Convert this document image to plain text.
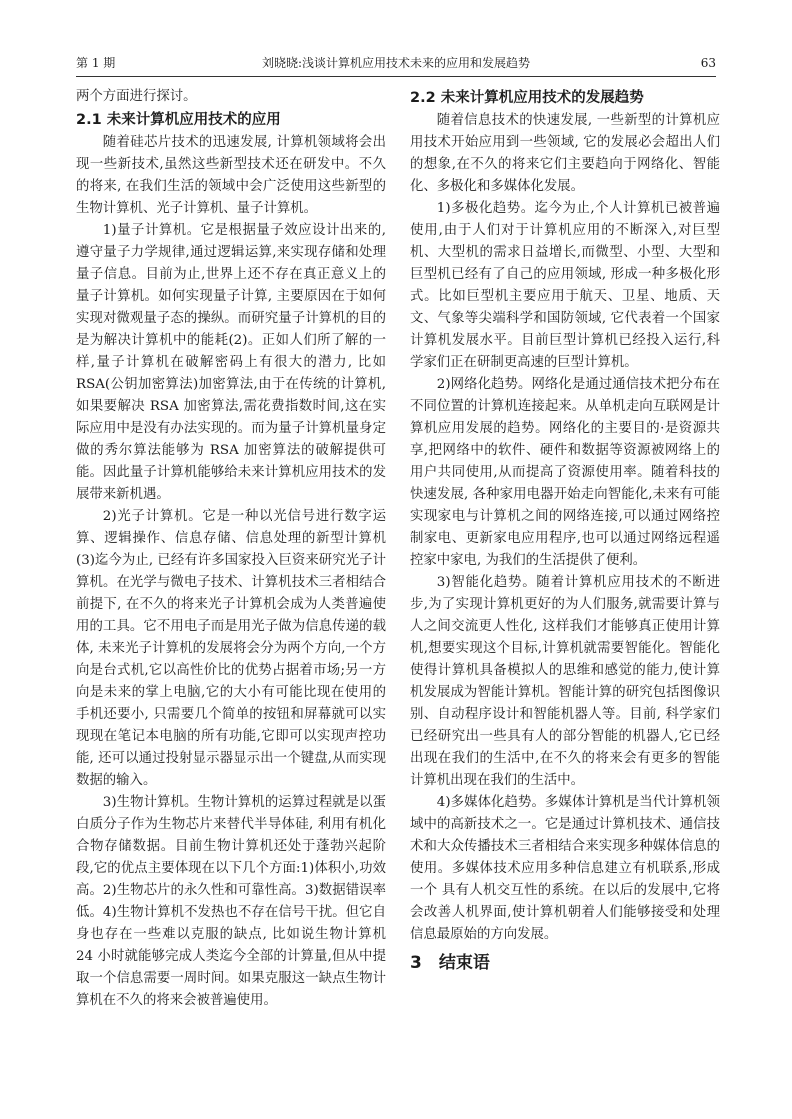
第 1 期	刘晓晓:浅谈计算机应用技术未来的应用和发展趋势	63

两个方面进行探讨。

2.1 未来计算机应用技术的应用

随着硅芯片技术的迅速发展, 计算机领域将会出现一些新技术,虽然这些新型技术还在研发中。不久的将来, 在我们生活的领域中会广泛使用这些新型的生物计算机、光子计算机、量子计算机。

1)量子计算机。它是根据量子效应设计出来的,遵守量子力学规律,通过逻辑运算,来实现存储和处理量子信息。目前为止,世界上还不存在真正意义上的量子计算机。如何实现量子计算, 主要原因在于如何实现对微观量子态的操纵。而研究量子计算机的目的是为解决计算机中的能耗(2)。正如人们所了解的一样,量子计算机在破解密码上有很大的潜力, 比如 RSA(公钥加密算法)加密算法,由于在传统的计算机,如果要解决 RSA 加密算法,需花费指数时间,这在实际应用中是没有办法实现的。而为量子计算机量身定做的秀尔算法能够为 RSA 加密算法的破解提供可能。因此量子计算机能够给未来计算机应用技术的发展带来新机遇。

2)光子计算机。它是一种以光信号进行数字运算、逻辑操作、信息存储、信息处理的新型计算机(3)迄今为止, 已经有许多国家投入巨资来研究光子计算机。在光学与微电子技术、计算机技术三者相结合前提下, 在不久的将来光子计算机会成为人类普遍使用的工具。它不用电子而是用光子做为信息传递的载体, 未来光子计算机的发展将会分为两个方向,一个方向是台式机,它以高性价比的优势占据着市场;另一方向是未来的掌上电脑,它的大小有可能比现在使用的手机还要小, 只需要几个简单的按钮和屏幕就可以实现现在笔记本电脑的所有功能,它即可以实现声控功能, 还可以通过投射显示器显示出一个键盘,从而实现数据的输入。

3)生物计算机。生物计算机的运算过程就是以蛋白质分子作为生物芯片来替代半导体硅, 利用有机化合物存储数据。目前生物计算机还处于蓬勃兴起阶段,它的优点主要体现在以下几个方面:1)体积小,功效高。2)生物芯片的永久性和可靠性高。3)数据错误率低。4)生物计算机不发热也不存在信号干扰。但它自身也存在一些难以克服的缺点, 比如说生物计算机 24 小时就能够完成人类迄今全部的计算量,但从中提取一个信息需要一周时间。如果克服这一缺点生物计算机在不久的将来会被普遍使用。

2.2 未来计算机应用技术的发展趋势

随着信息技术的快速发展, 一些新型的计算机应用技术开始应用到一些领域, 它的发展必会超出人们的想象,在不久的将来它们主要趋向于网络化、智能化、多极化和多媒体化发展。

1)多极化趋势。迄今为止,个人计算机已被普遍使用,由于人们对于计算机应用的不断深入,对巨型机、大型机的需求日益增长,而微型、小型、大型和巨型机已经有了自己的应用领域, 形成一种多极化形式。比如巨型机主要应用于航天、卫星、地质、天文、气象等尖端科学和国防领域, 它代表着一个国家计算机发展水平。目前巨型计算机已经投入运行,科学家们正在研制更高速的巨型计算机。

2)网络化趋势。网络化是通过通信技术把分布在不同位置的计算机连接起来。从单机走向互联网是计算机应用发展的趋势。网络化的主要目的·是资源共享,把网络中的软件、硬件和数据等资源被网络上的用户共同使用,从而提高了资源使用率。随着科技的快速发展, 各种家用电器开始走向智能化,未来有可能实现家电与计算机之间的网络连接,可以通过网络控制家电、更新家电应用程序,也可以通过网络远程遥控家中家电, 为我们的生活提供了便利。

3)智能化趋势。随着计算机应用技术的不断进步,为了实现计算机更好的为人们服务,就需要计算与人之间交流更人性化, 这样我们才能够真正使用计算机,想要实现这个目标,计算机就需要智能化。智能化使得计算机具备模拟人的思维和感觉的能力,使计算机发展成为智能计算机。智能计算的研究包括图像识别、自动程序设计和智能机器人等。目前, 科学家们已经研究出一些具有人的部分智能的机器人,它已经出现在我们的生活中,在不久的将来会有更多的智能计算机出现在我们的生活中。

4)多媒体化趋势。多媒体计算机是当代计算机领域中的高新技术之一。它是通过计算机技术、通信技术和大众传播技术三者相结合来实现多种媒体信息的使用。多媒体技术应用多种信息建立有机联系,形成一个 具有人机交互性的系统。在以后的发展中,它将会改善人机界面,使计算机朝着人们能够接受和处理信息最原始的方向发展。

3　结束语
